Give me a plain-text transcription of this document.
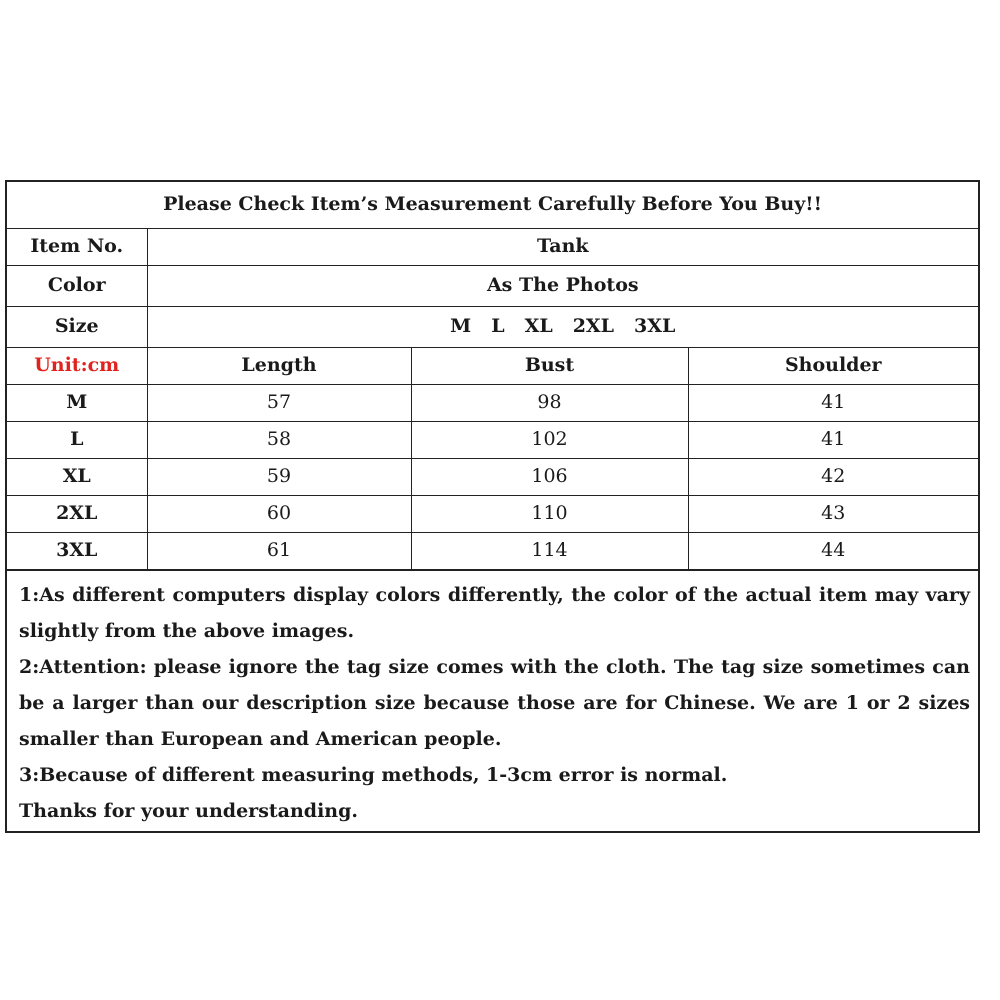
Please Check Item’s Measurement Carefully Before You Buy!!			
Item No.	Tank		
Color	As The Photos		
Size	M L XL 2XL 3XL		
Unit:cm	Length	Bust	Shoulder
M	57	98	41
L	58	102	41
XL	59	106	42
2XL	60	110	43
3XL	61	114	44

1:As different computers display colors differently, the color of the actual item may vary slightly from the above images.

2:Attention: please ignore the tag size comes with the cloth. The tag size sometimes can be a larger than our description size because those are for Chinese. We are 1 or 2 sizes smaller than European and American people.

3:Because of different measuring methods, 1-3cm error is normal.

Thanks for your understanding.
